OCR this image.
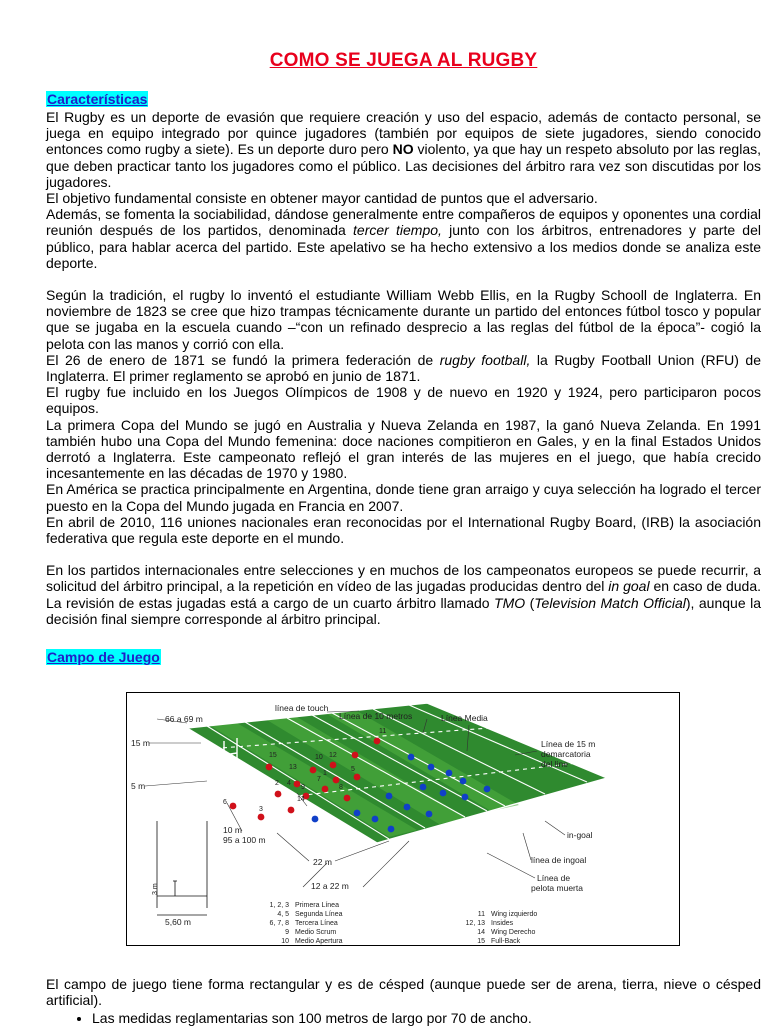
COMO SE JUEGA AL RUGBY
Características

El Rugby es un deporte de evasión que requiere creación y uso del espacio, además de contacto personal, se juega en equipo integrado por quince jugadores (también por equipos de siete jugadores, siendo conocido entonces como rugby a siete). Es un deporte duro pero NO violento, ya que hay un respeto absoluto por las reglas, que deben practicar tanto los jugadores como el público. Las decisiones del árbitro rara vez son discutidas por los jugadores.

El objetivo fundamental consiste en obtener mayor cantidad de puntos que el adversario.

Además, se fomenta la sociabilidad, dándose generalmente entre compañeros de equipos y oponentes una cordial reunión después de los partidos, denominada tercer tiempo, junto con los árbitros, entrenadores y parte del público, para hablar acerca del partido. Este apelativo se ha hecho extensivo a los medios donde se analiza este deporte.

Según la tradición, el rugby lo inventó el estudiante William Webb Ellis, en la Rugby Schooll de Inglaterra. En noviembre de 1823 se cree que hizo trampas técnicamente durante un partido del entonces fútbol tosco y popular que se jugaba en la escuela cuando –“con un refinado desprecio a las reglas del fútbol de la época”- cogió la pelota con las manos y corrió con ella.

El 26 de enero de 1871 se fundó la primera federación de rugby football, la Rugby Football Union (RFU) de Inglaterra. El primer reglamento se aprobó en junio de 1871.

El rugby fue incluido en los Juegos Olímpicos de 1908 y de nuevo en 1920 y 1924, pero participaron pocos equipos.

La primera Copa del Mundo se jugó en Australia y Nueva Zelanda en 1987, la ganó Nueva Zelanda. En 1991 también hubo una Copa del Mundo femenina: doce naciones compitieron en Gales, y en la final Estados Unidos derrotó a Inglaterra. Este campeonato reflejó el gran interés de las mujeres en el juego, que había crecido incesantemente en las décadas de 1970 y 1980.

En América se practica principalmente en Argentina, donde tiene gran arraigo y cuya selección ha logrado el tercer puesto en la Copa del Mundo jugada en Francia en 2007.

En abril de 2010, 116 uniones nacionales eran reconocidas por el International Rugby Board, (IRB) la asociación federativa que regula este deporte en el mundo.

En los partidos internacionales entre selecciones y en muchos de los campeonatos europeos se puede recurrir, a solicitud del árbitro principal, a la repetición en vídeo de las jugadas producidas dentro del in goal en caso de duda. La revisión de estas jugadas está a cargo de un cuarto árbitro llamado TMO (Television Match Official), aunque la decisión final siempre corresponde al árbitro principal.

Campo de Juego
11
12
15	10
13
4
1
5
2
9
7
8
6	14
3
línea de touch
Línea de 10 metros	Línea Media
Línea de 15 m
demarcatoria
del line
66 a 69 m
15 m
5 m
10 m
95 a 100 m
22 m
12 a 22 m
in-goal
línea de ingoal
Línea de
pelota muerta
3 m
5,60 m
1, 2, 3 Primera Línea
4, 5 Segunda Línea
6, 7, 8 Tercera Línea
9 Medio Scrum
10 Medio Apertura
11 Wing izquierdo
12, 13 Insides
14 Wing Derecho
15 Full-Back

El campo de juego tiene forma rectangular y es de césped (aunque puede ser de arena, tierra, nieve o césped artificial).

• Las medidas reglamentarias son 100 metros de largo por 70 de ancho.
